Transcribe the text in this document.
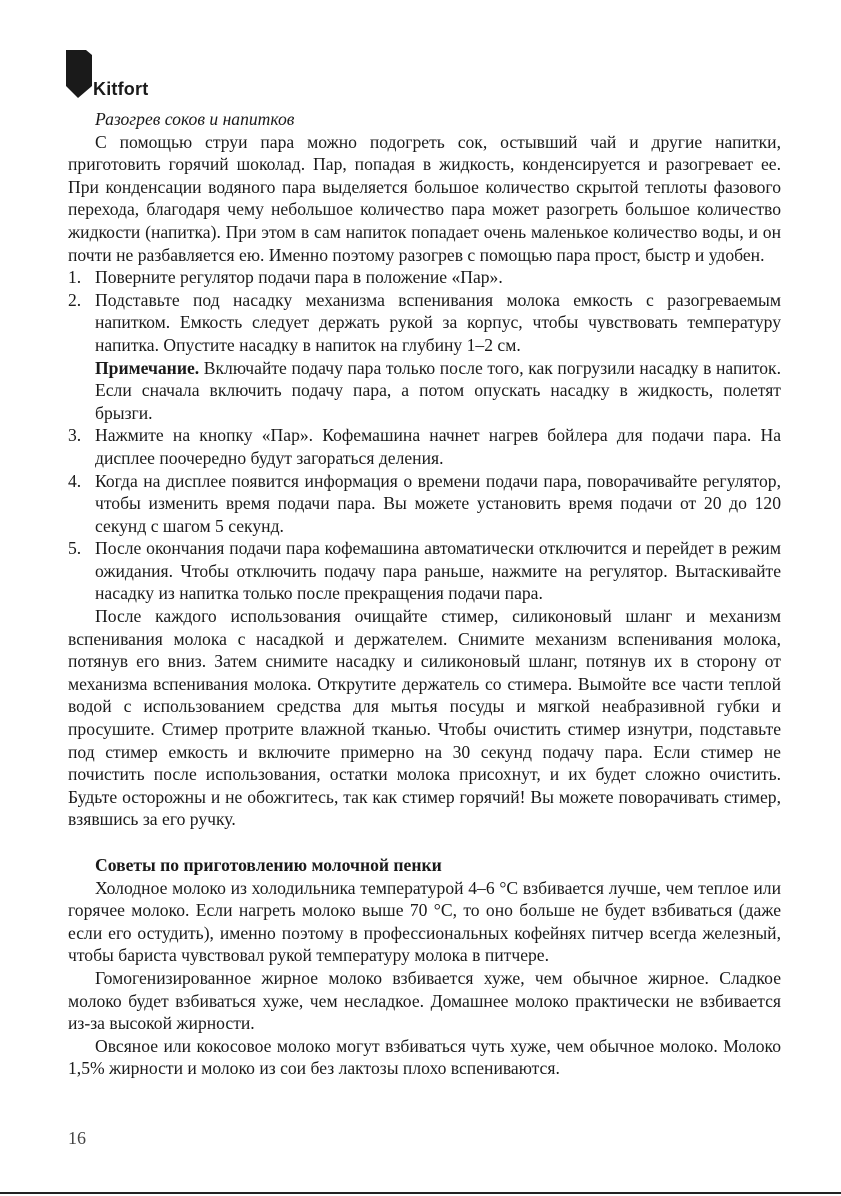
Kitfort

Разогрев соков и напитков

С помощью струи пара можно подогреть сок, остывший чай и другие напитки, приготовить горячий шоколад. Пар, попадая в жидкость, конденсируется и разогревает ее. При конденсации водяного пара выделяется большое количество скрытой теплоты фазового перехода, благодаря чему небольшое количество пара может разогреть большое количество жидкости (напитка). При этом в сам напиток попадает очень маленькое количество воды, и он почти не разбавляется ею. Именно поэтому разогрев с помощью пара прост, быстр и удобен.

1. Поверните регулятор подачи пара в положение «Пар».
2. Подставьте под насадку механизма вспенивания молока емкость с разогреваемым напитком. Емкость следует держать рукой за корпус, чтобы чувствовать температуру напитка. Опустите насадку в напиток на глубину 1–2 см.
Примечание. Включайте подачу пара только после того, как погрузили насадку в напиток. Если сначала включить подачу пара, а потом опускать насадку в жидкость, полетят брызги.
3. Нажмите на кнопку «Пар». Кофемашина начнет нагрев бойлера для подачи пара. На дисплее поочередно будут загораться деления.
4. Когда на дисплее появится информация о времени подачи пара, поворачивайте регулятор, чтобы изменить время подачи пара. Вы можете установить время подачи от 20 до 120 секунд с шагом 5 секунд.
5. После окончания подачи пара кофемашина автоматически отключится и перейдет в режим ожидания. Чтобы отключить подачу пара раньше, нажмите на регулятор. Вытаскивайте насадку из напитка только после прекращения подачи пара.

После каждого использования очищайте стимер, силиконовый шланг и механизм вспенивания молока с насадкой и держателем. Снимите механизм вспенивания молока, потянув его вниз. Затем снимите насадку и силиконовый шланг, потянув их в сторону от механизма вспенивания молока. Открутите держатель со стимера. Вымойте все части теплой водой с использованием средства для мытья посуды и мягкой неабразивной губки и просушите. Стимер протрите влажной тканью. Чтобы очистить стимер изнутри, подставьте под стимер емкость и включите примерно на 30 секунд подачу пара. Если стимер не почистить после использования, остатки молока присохнут, и их будет сложно очистить. Будьте осторожны и не обожгитесь, так как стимер горячий! Вы можете поворачивать стимер, взявшись за его ручку.

Советы по приготовлению молочной пенки

Холодное молоко из холодильника температурой 4–6 °C взбивается лучше, чем теплое или горячее молоко. Если нагреть молоко выше 70 °C, то оно больше не будет взбиваться (даже если его остудить), именно поэтому в профессиональных кофейнях питчер всегда железный, чтобы бариста чувствовал рукой температуру молока в питчере.

Гомогенизированное жирное молоко взбивается хуже, чем обычное жирное. Сладкое молоко будет взбиваться хуже, чем несладкое. Домашнее молоко практически не взбивается из-за высокой жирности.

Овсяное или кокосовое молоко могут взбиваться чуть хуже, чем обычное молоко. Молоко 1,5% жирности и молоко из сои без лактозы плохо вспениваются.

16
